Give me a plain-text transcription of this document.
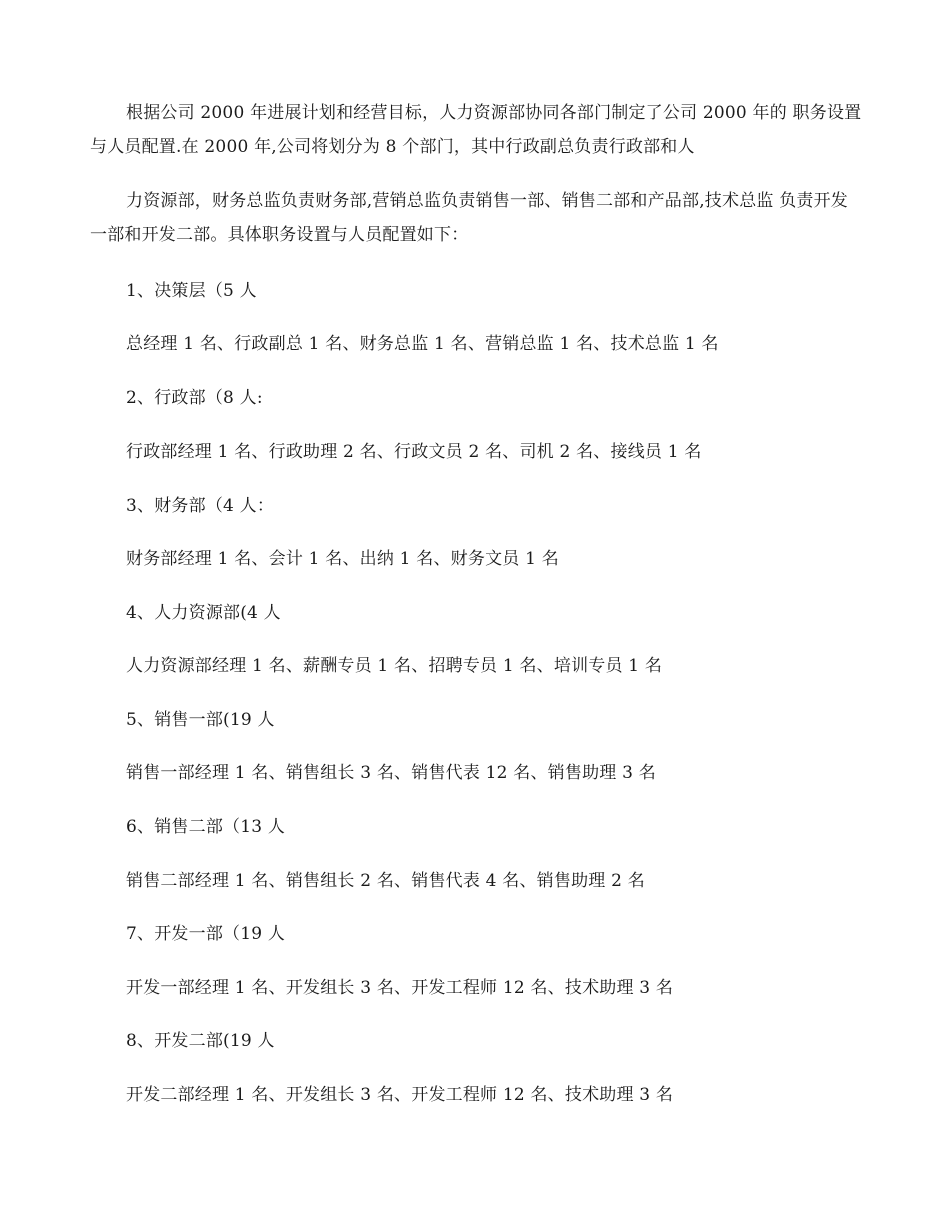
根据公司 2000 年进展计划和经营目标，人力资源部协同各部门制定了公司 2000 年的 职务设置与人员配置.在 2000 年,公司将划分为 8 个部门，其中行政副总负责行政部和人

力资源部，财务总监负责财务部,营销总监负责销售一部、销售二部和产品部,技术总监 负责开发一部和开发二部。具体职务设置与人员配置如下：

1、决策层（5 人

总经理 1 名、行政副总 1 名、财务总监 1 名、营销总监 1 名、技术总监 1 名

2、行政部（8 人:

行政部经理 1 名、行政助理 2 名、行政文员 2 名、司机 2 名、接线员 1 名

3、财务部（4 人：

财务部经理 1 名、会计 1 名、出纳 1 名、财务文员 1 名

4、人力资源部(4 人

人力资源部经理 1 名、薪酬专员 1 名、招聘专员 1 名、培训专员 1 名

5、销售一部(19 人

销售一部经理 1 名、销售组长 3 名、销售代表 12 名、销售助理 3 名

6、销售二部（13 人

销售二部经理 1 名、销售组长 2 名、销售代表 4 名、销售助理 2 名

7、开发一部（19 人

开发一部经理 1 名、开发组长 3 名、开发工程师 12 名、技术助理 3 名

8、开发二部(19 人

开发二部经理 1 名、开发组长 3 名、开发工程师 12 名、技术助理 3 名
